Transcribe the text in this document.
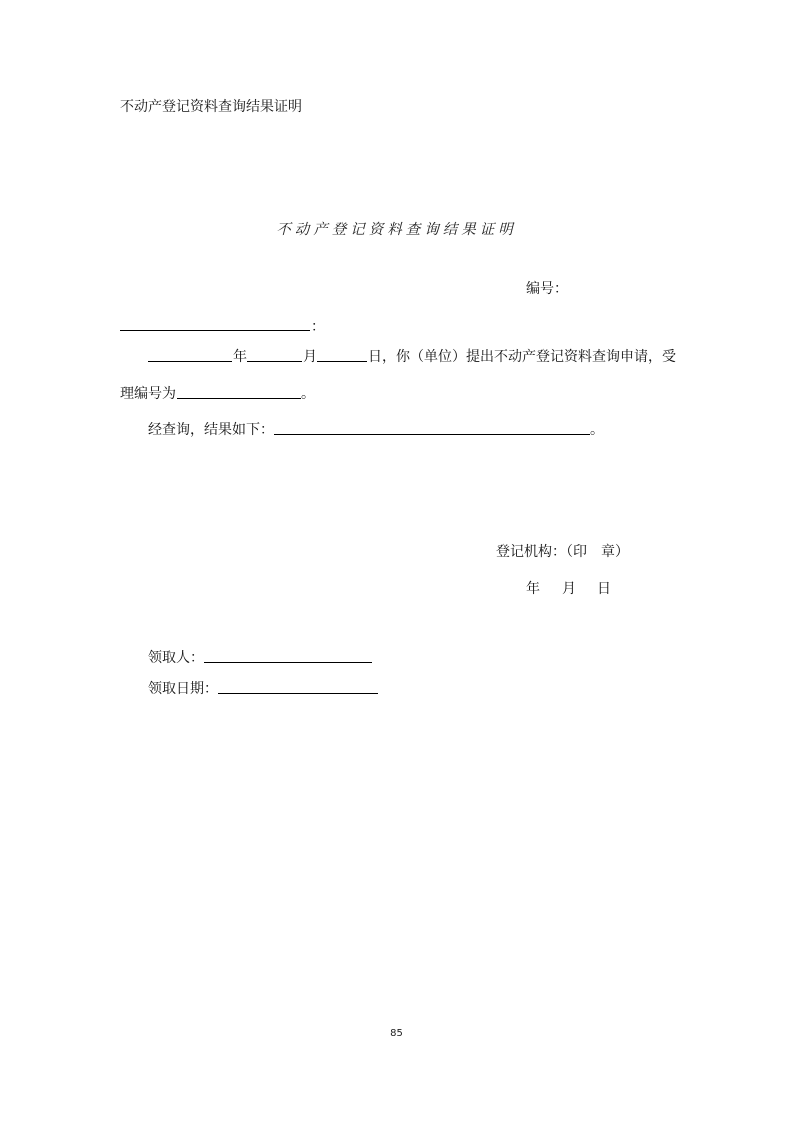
不动产登记资料查询结果证明
不动产登记资料查询结果证明
编号：
：
年	月	日，你（单位）提出不动产登记资料查询申请，受
理编号为	。
经查询，结果如下：	。
登记机构：（印　章）
年 月 日
领取人：
领取日期：
85
